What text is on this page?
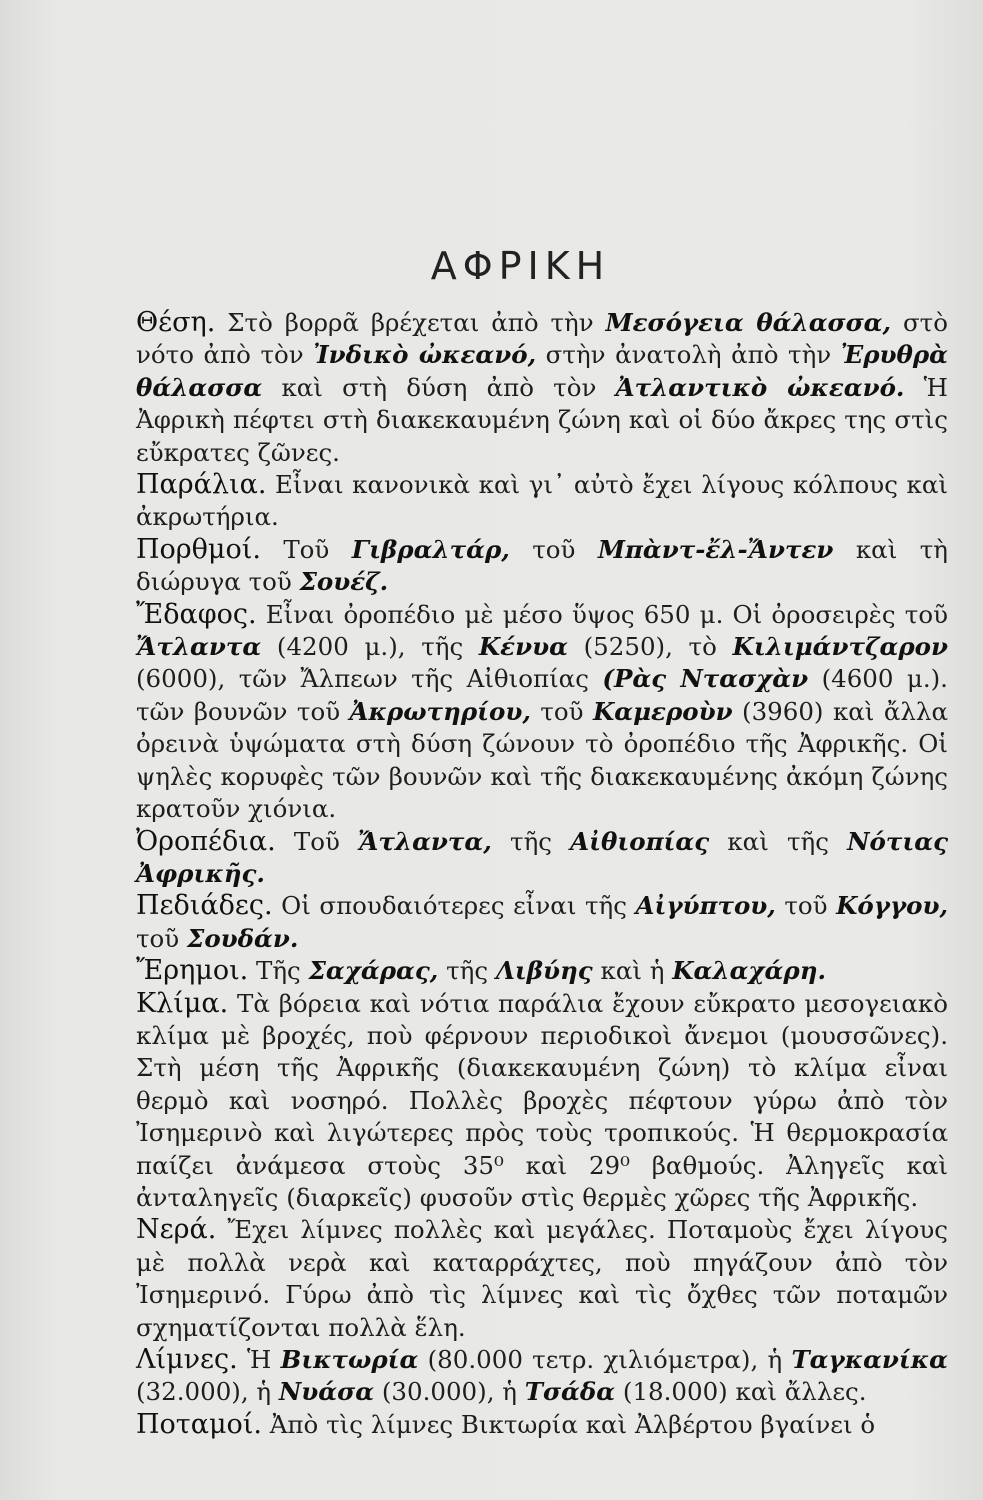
ΑΦΡΙΚΗ

Θέση. Στὸ βορρᾶ βρέχεται ἀπὸ τὴν Μεσόγεια θάλασσα, στὸ νότο ἀπὸ τὸν Ἰνδικὸ ὠκεανό, στὴν ἀνατολὴ ἀπὸ τὴν Ἐρυθρὰ θάλασσα καὶ στὴ δύση ἀπὸ τὸν Ἀτλαντικὸ ὠκεανό. Ἡ Ἀφρικὴ πέφτει στὴ διακεκαυμένη ζώνη καὶ οἱ δύο ἄκρες της στὶς εὔκρατες ζῶνες.

Παράλια. Εἶναι κανονικὰ καὶ γι᾿ αὐτὸ ἔχει λίγους κόλπους καὶ ἀκρωτήρια.

Πορθμοί. Τοῦ Γιβραλτάρ, τοῦ Μπὰντ-ἔλ-Ἄντεν καὶ τὴ διώρυγα τοῦ Σουέζ.

Ἔδαφος. Εἶναι ὀροπέδιο μὲ μέσο ὕψος 650 μ. Οἱ ὀροσειρὲς τοῦ Ἄτλαντα (4200 μ.), τῆς Κένυα (5250), τὸ Κιλιμάντζαρον (6000), τῶν Ἄλπεων τῆς Αἰθιοπίας (Ρὰς Ντασχὰν (4600 μ.). τῶν βουνῶν τοῦ Ἀκρωτηρίου, τοῦ Καμεροὺν (3960) καὶ ἄλλα ὀρεινὰ ὑψώματα στὴ δύση ζώνουν τὸ ὀροπέδιο τῆς Ἀφρικῆς. Οἱ ψηλὲς κορυφὲς τῶν βουνῶν καὶ τῆς διακεκαυμένης ἀκόμη ζώνης κρατοῦν χιόνια.

Ὀροπέδια. Τοῦ Ἄτλαντα, τῆς Αἰθιοπίας καὶ τῆς Νότιας Ἀφρικῆς.

Πεδιάδες. Οἱ σπουδαιότερες εἶναι τῆς Αἰγύπτου, τοῦ Κόγγου, τοῦ Σουδάν.

Ἔρημοι. Τῆς Σαχάρας, τῆς Λιβύης καὶ ἡ Καλαχάρη.

Κλίμα. Τὰ βόρεια καὶ νότια παράλια ἔχουν εὔκρατο μεσογειακὸ κλίμα μὲ βροχές, ποὺ φέρνουν περιοδικοὶ ἄνεμοι (μουσσῶνες). Στὴ μέση τῆς Ἀφρικῆς (διακεκαυμένη ζώνη) τὸ κλίμα εἶναι θερμὸ καὶ νοσηρό. Πολλὲς βροχὲς πέφτουν γύρω ἀπὸ τὸν Ἰσημερινὸ καὶ λιγώτερες πρὸς τοὺς τροπικούς. Ἡ θερμοκρασία παίζει ἀνάμεσα στοὺς 35⁰ καὶ 29⁰ βαθμούς. Ἀληγεῖς καὶ ἀνταληγεῖς (διαρκεῖς) φυσοῦν στὶς θερμὲς χῶρες τῆς Ἀφρικῆς.

Νερά. Ἔχει λίμνες πολλὲς καὶ μεγάλες. Ποταμοὺς ἔχει λίγους μὲ πολλὰ νερὰ καὶ καταρράχτες, ποὺ πηγάζουν ἀπὸ τὸν Ἰσημερινό. Γύρω ἀπὸ τὶς λίμνες καὶ τὶς ὄχθες τῶν ποταμῶν σχηματίζονται πολλὰ ἕλη.

Λίμνες. Ἡ Βικτωρία (80.000 τετρ. χιλιόμετρα), ἡ Ταγκανίκα (32.000), ἡ Νυάσα (30.000), ἡ Τσάδα (18.000) καὶ ἄλλες.

Ποταμοί. Ἀπὸ τὶς λίμνες Βικτωρία καὶ Ἀλβέρτου βγαίνει ὁ
